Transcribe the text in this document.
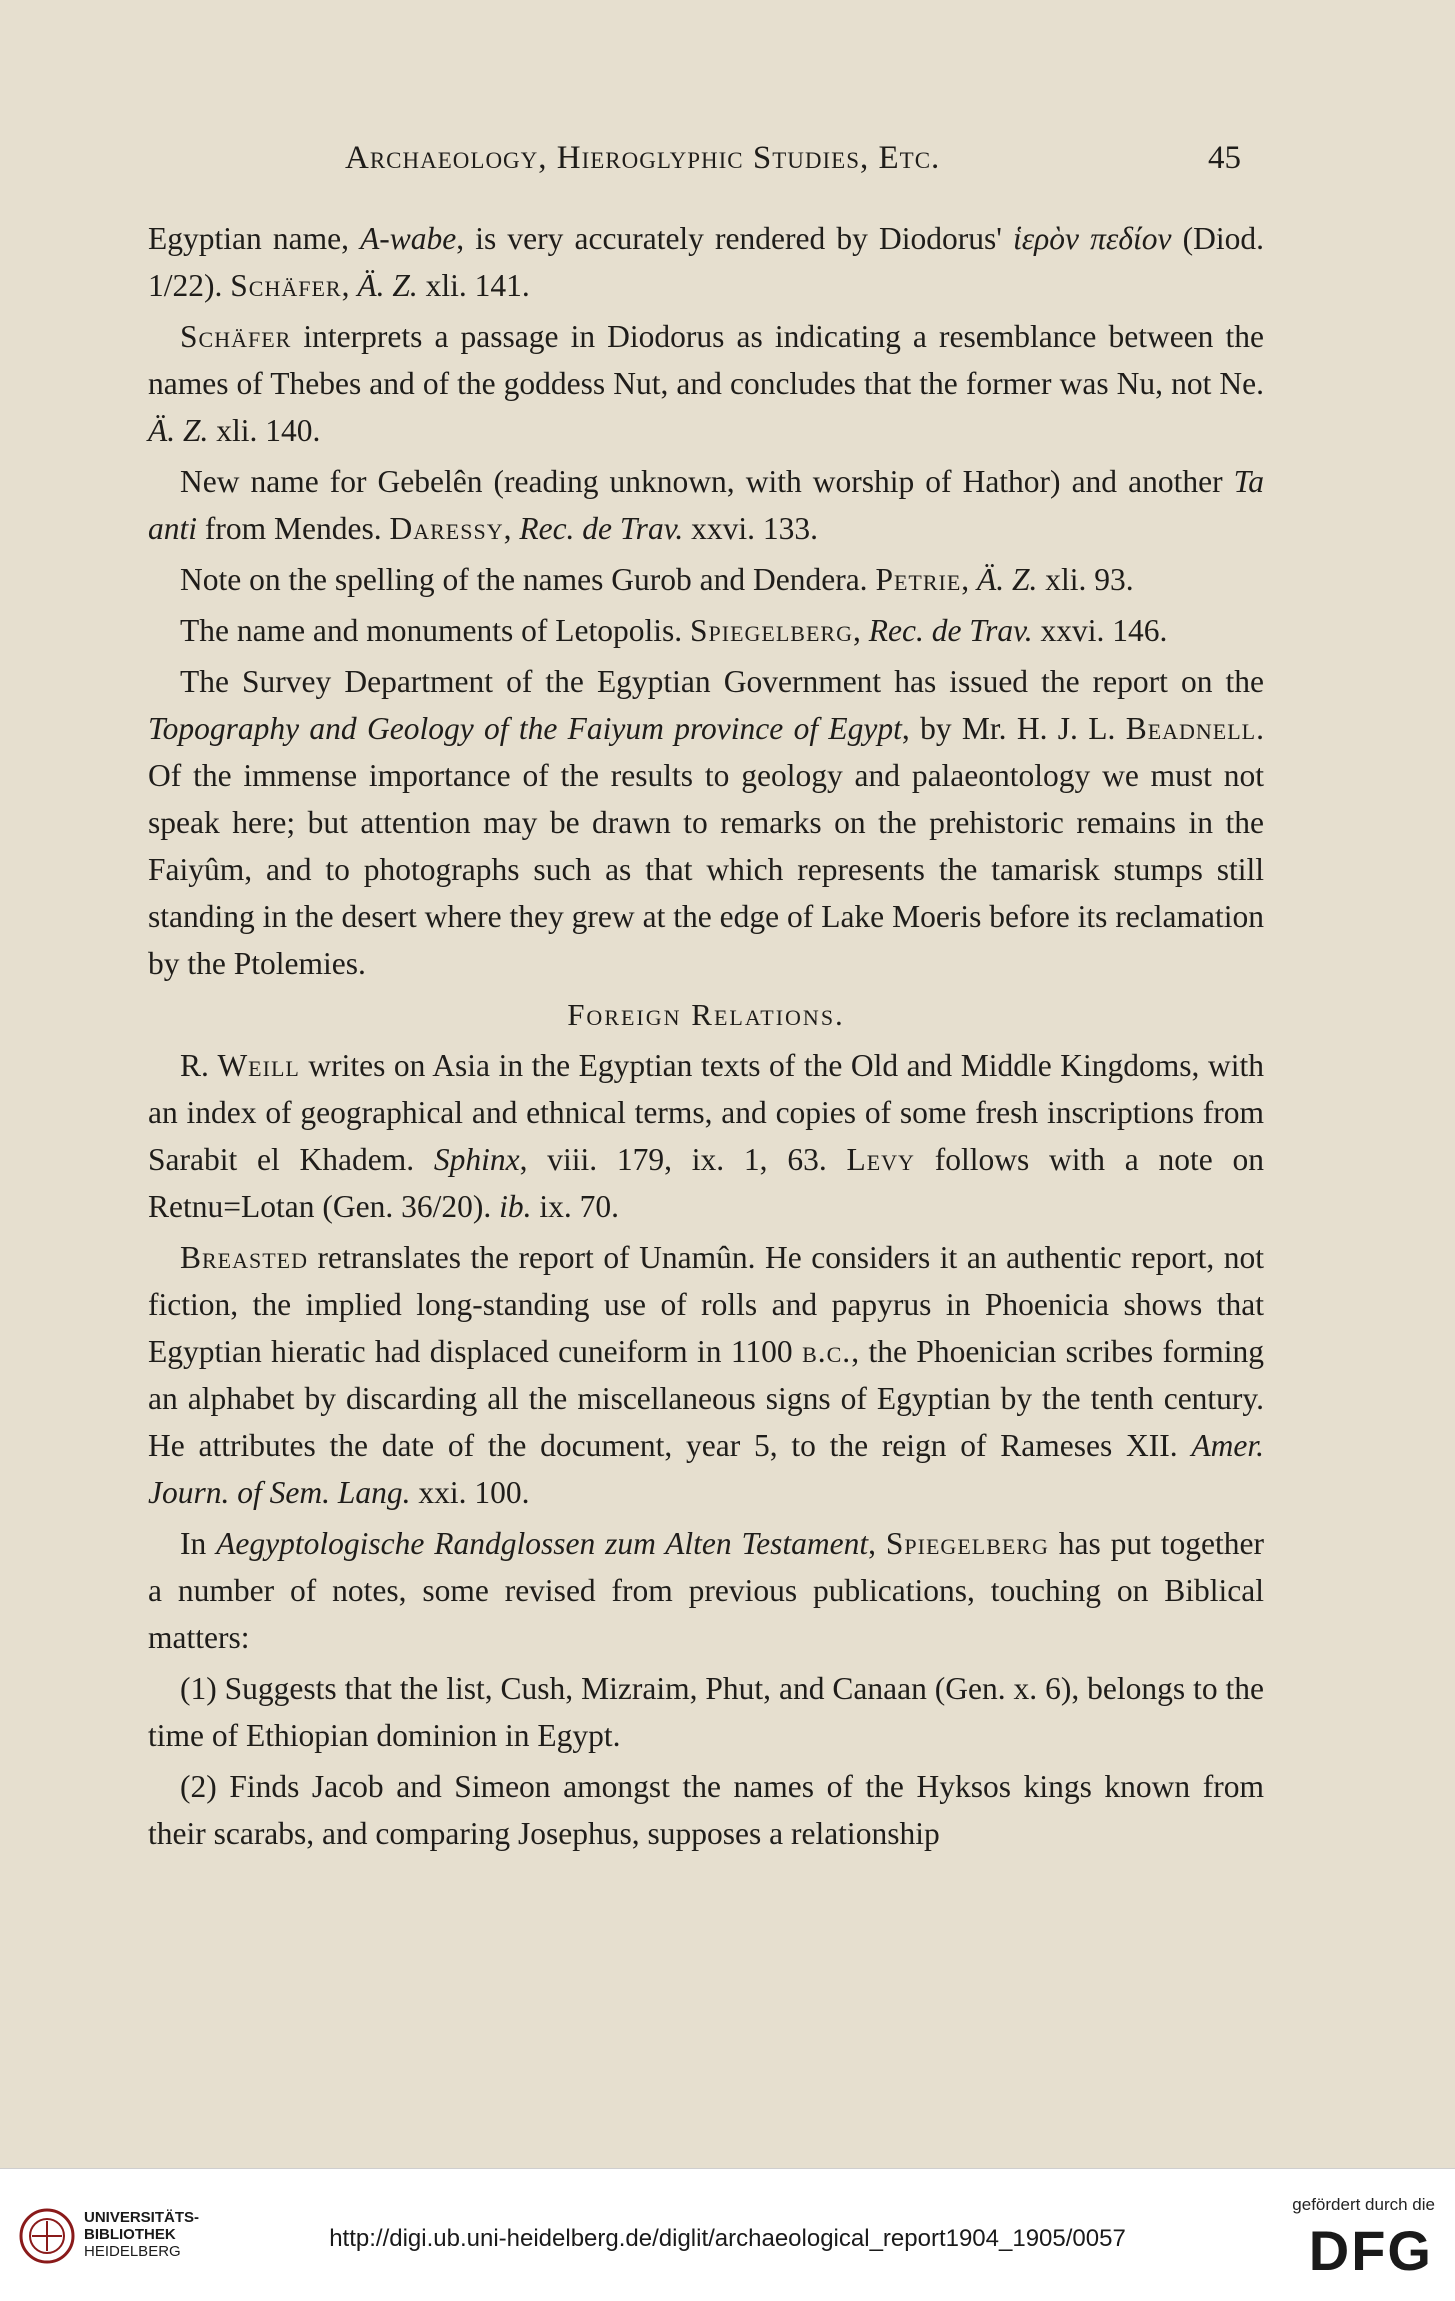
Archaeology, Hieroglyphic Studies, Etc.	45

Egyptian name, A-wabe, is very accurately rendered by Diodorus' ἱερὸν πεδίον (Diod. 1/22). Schäfer, Ä. Z. xli. 141.

Schäfer interprets a passage in Diodorus as indicating a resemblance between the names of Thebes and of the goddess Nut, and concludes that the former was Nu, not Ne. Ä. Z. xli. 140.

New name for Gebelên (reading unknown, with worship of Hathor) and another Ta anti from Mendes. Daressy, Rec. de Trav. xxvi. 133.

Note on the spelling of the names Gurob and Dendera. Petrie, Ä. Z. xli. 93.

The name and monuments of Letopolis. Spiegelberg, Rec. de Trav. xxvi. 146.

The Survey Department of the Egyptian Government has issued the report on the Topography and Geology of the Faiyum province of Egypt, by Mr. H. J. L. Beadnell. Of the immense importance of the results to geology and palaeontology we must not speak here; but attention may be drawn to remarks on the prehistoric remains in the Faiyûm, and to photographs such as that which represents the tamarisk stumps still standing in the desert where they grew at the edge of Lake Moeris before its reclamation by the Ptolemies.

Foreign Relations.

R. Weill writes on Asia in the Egyptian texts of the Old and Middle Kingdoms, with an index of geographical and ethnical terms, and copies of some fresh inscriptions from Sarabit el Khadem. Sphinx, viii. 179, ix. 1, 63. Levy follows with a note on Retnu=Lotan (Gen. 36/20). ib. ix. 70.

Breasted retranslates the report of Unamûn. He considers it an authentic report, not fiction, the implied long-standing use of rolls and papyrus in Phoenicia shows that Egyptian hieratic had displaced cuneiform in 1100 b.c., the Phoenician scribes forming an alphabet by discarding all the miscellaneous signs of Egyptian by the tenth century. He attributes the date of the document, year 5, to the reign of Rameses XII. Amer. Journ. of Sem. Lang. xxi. 100.

In Aegyptologische Randglossen zum Alten Testament, Spiegelberg has put together a number of notes, some revised from previous publications, touching on Biblical matters:

(1) Suggests that the list, Cush, Mizraim, Phut, and Canaan (Gen. x. 6), belongs to the time of Ethiopian dominion in Egypt.

(2) Finds Jacob and Simeon amongst the names of the Hyksos kings known from their scarabs, and comparing Josephus, supposes a relationship

UNIVERSITÄTS-
BIBLIOTHEK
HEIDELBERG	http://digi.ub.uni-heidelberg.de/diglit/archaeological_report1904_1905/0057
gefördert durch die
DFG
